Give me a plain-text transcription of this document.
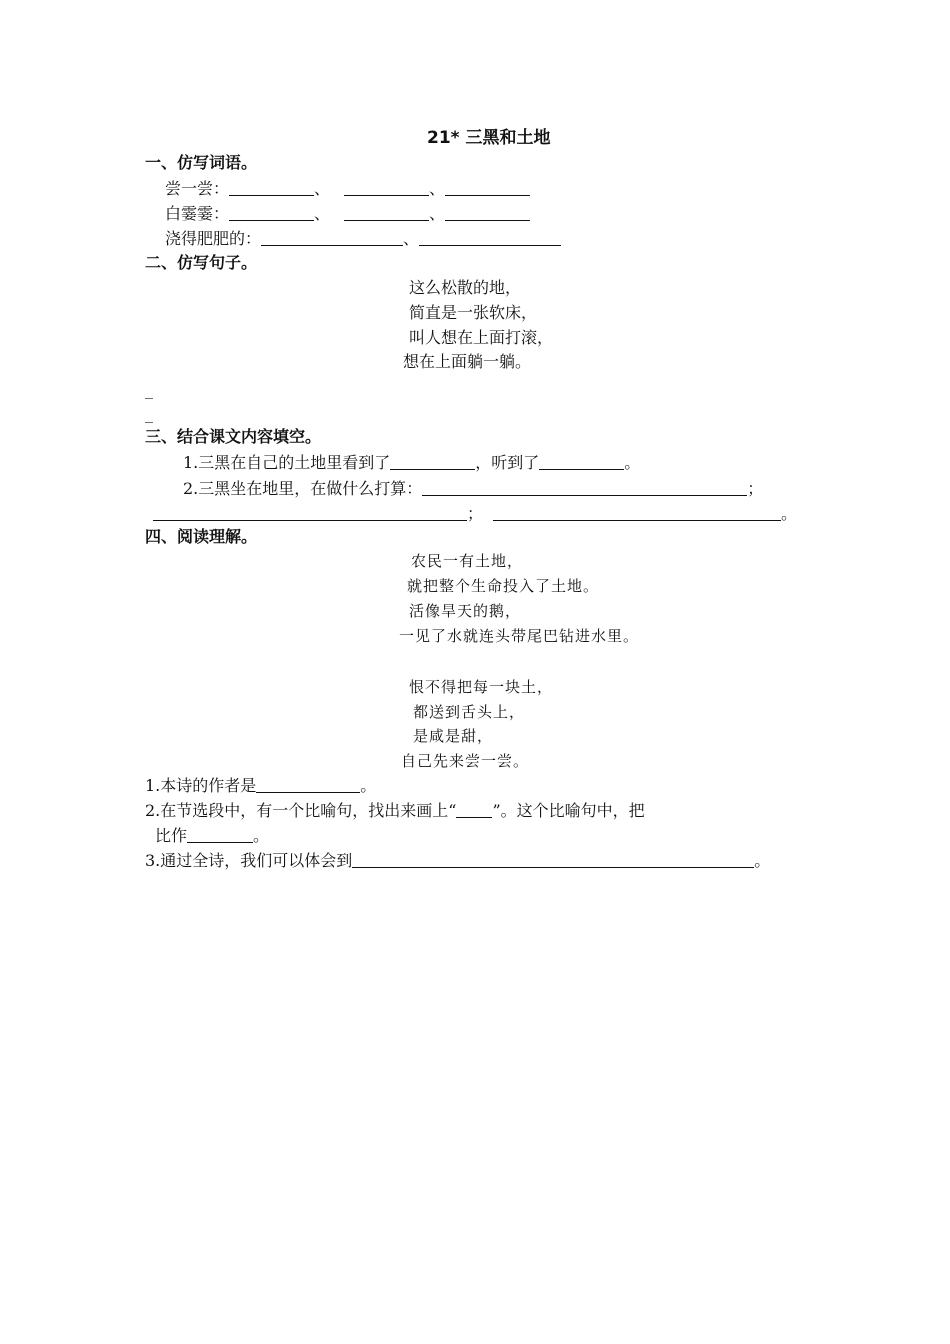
21* 三黑和土地
一、仿写词语。
尝一尝：	、	、
白霎霎：	、	、
浇得肥肥的：	、
二、仿写句子。
这么松散的地，
简直是一张软床，
叫人想在上面打滚，
想在上面躺一躺。
_
_
三、结合课文内容填空。
1.三黑在自己的土地里看到了	，听到了	。
2.三黑坐在地里，在做什么打算：	；
；	。
四、阅读理解。
农民一有土地，
就把整个生命投入了土地。
活像旱天的鹅，
一见了水就连头带尾巴钻进水里。
恨不得把每一块土，
都送到舌头上，
是咸是甜，
自己先来尝一尝。
1.本诗的作者是	。
2.在节选段中，有一个比喻句，找出来画上“ ”。这个比喻句中，把
比作	。
3.通过全诗，我们可以体会到	。
